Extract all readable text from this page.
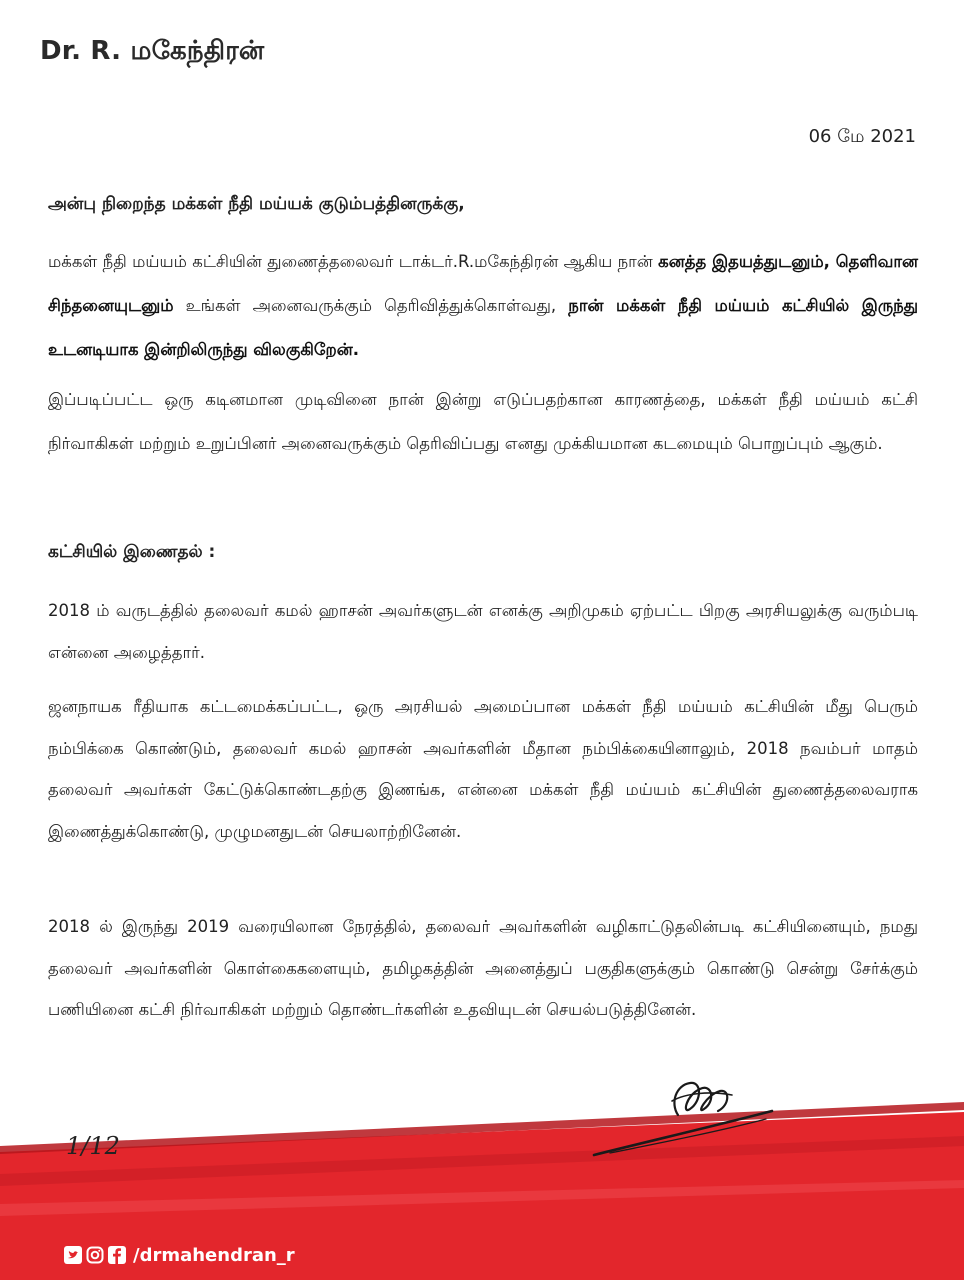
Dr. R. மகேந்திரன்
06 மே 2021
அன்பு நிறைந்த மக்கள் நீதி மய்யக் குடும்பத்தினருக்கு,
மக்கள் நீதி மய்யம் கட்சியின் துணைத்தலைவர் டாக்டர்.R.மகேந்திரன் ஆகிய நான் கனத்த இதயத்துடனும், தெளிவான சிந்தனையுடனும் உங்கள் அனைவருக்கும் தெரிவித்துக்கொள்வது, நான் மக்கள் நீதி மய்யம் கட்சியில் இருந்து உடனடியாக இன்றிலிருந்து விலகுகிறேன்.
இப்படிப்பட்ட ஒரு கடினமான முடிவினை நான் இன்று எடுப்பதற்கான காரணத்தை, மக்கள் நீதி மய்யம் கட்சி நிர்வாகிகள் மற்றும் உறுப்பினர் அனைவருக்கும் தெரிவிப்பது எனது முக்கியமான கடமையும் பொறுப்பும் ஆகும்.
கட்சியில் இணைதல் :
2018 ம் வருடத்தில் தலைவர் கமல் ஹாசன் அவர்களுடன் எனக்கு அறிமுகம் ஏற்பட்ட பிறகு அரசியலுக்கு வரும்படி என்னை அழைத்தார்.
ஜனநாயக ரீதியாக கட்டமைக்கப்பட்ட, ஒரு அரசியல் அமைப்பான மக்கள் நீதி மய்யம் கட்சியின் மீது பெரும் நம்பிக்கை கொண்டும், தலைவர் கமல் ஹாசன் அவர்களின் மீதான நம்பிக்கையினாலும், 2018 நவம்பர் மாதம் தலைவர் அவர்கள் கேட்டுக்கொண்டதற்கு இணங்க, என்னை மக்கள் நீதி மய்யம் கட்சியின் துணைத்தலைவராக இணைத்துக்கொண்டு, முழுமனதுடன் செயலாற்றினேன்.
2018 ல் இருந்து 2019 வரையிலான நேரத்தில், தலைவர் அவர்களின் வழிகாட்டுதலின்படி கட்சியினையும், நமது தலைவர் அவர்களின் கொள்கைகளையும், தமிழகத்தின் அனைத்துப் பகுதிகளுக்கும் கொண்டு சென்று சேர்க்கும் பணியினை கட்சி நிர்வாகிகள் மற்றும் தொண்டர்களின் உதவியுடன் செயல்படுத்தினேன்.
1/12
/drmahendran_r
